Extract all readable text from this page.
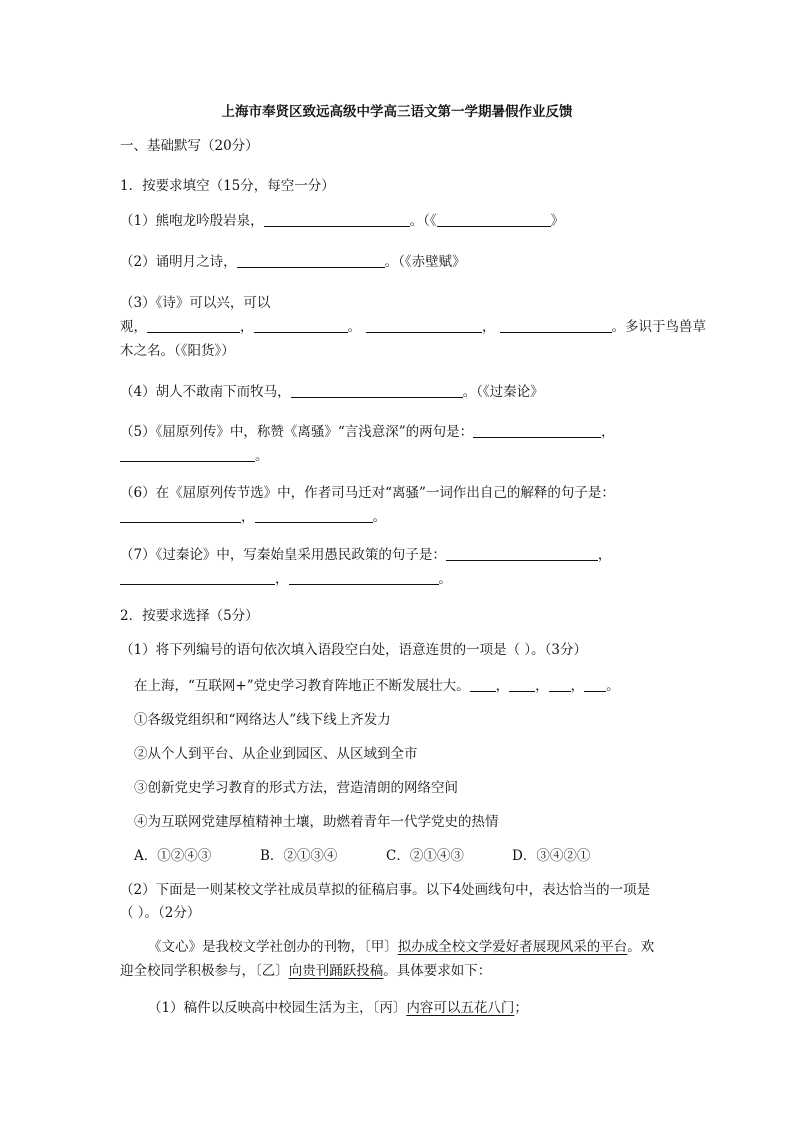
上海市奉贤区致远高级中学高三语文第一学期暑假作业反馈
一、基础默写（20分）
1．按要求填空（15分，每空一分）
（1）熊咆龙吟殷岩泉，	。（《	》
（2）诵明月之诗，	。（《赤壁赋》
（3）《诗》可以兴，可以
观，	，	。	，	。多识于鸟兽草
木之名。（《阳货》）
（4）胡人不敢南下而牧马，	。（《过秦论》
（5）《屈原列传》中，称赞《离骚》“言浅意深”的两句是：	，
。
（6）在《屈原列传节选》中，作者司马迁对“离骚”一词作出自己的解释的句子是：
，	。
（7）《过秦论》中，写秦始皇采用愚民政策的句子是：	，
，	。
2．按要求选择（5分）
（1）将下列编号的语句依次填入语段空白处，语意连贯的一项是（ ）。（3分）
在上海，“互联网+”党史学习教育阵地正不断发展壮大。 ， ， ， 。
①各级党组织和“网络达人”线下线上齐发力
②从个人到平台、从企业到园区、从区域到全市
③创新党史学习教育的形式方法，营造清朗的网络空间
④为互联网党建厚植精神土壤，助燃着青年一代学党史的热情
A．①②④③	B．②①③④	C．②①④③	D．③④②①
（2）下面是一则某校文学社成员草拟的征稿启事。以下4处画线句中，表达恰当的一项是
（ ）。（2分）
《文心》是我校文学社创办的刊物，〔甲〕拟办成全校文学爱好者展现风采的平台。欢
迎全校同学积极参与，〔乙〕向贵刊踊跃投稿。具体要求如下：
（1）稿件以反映高中校园生活为主，〔丙〕内容可以五花八门；
